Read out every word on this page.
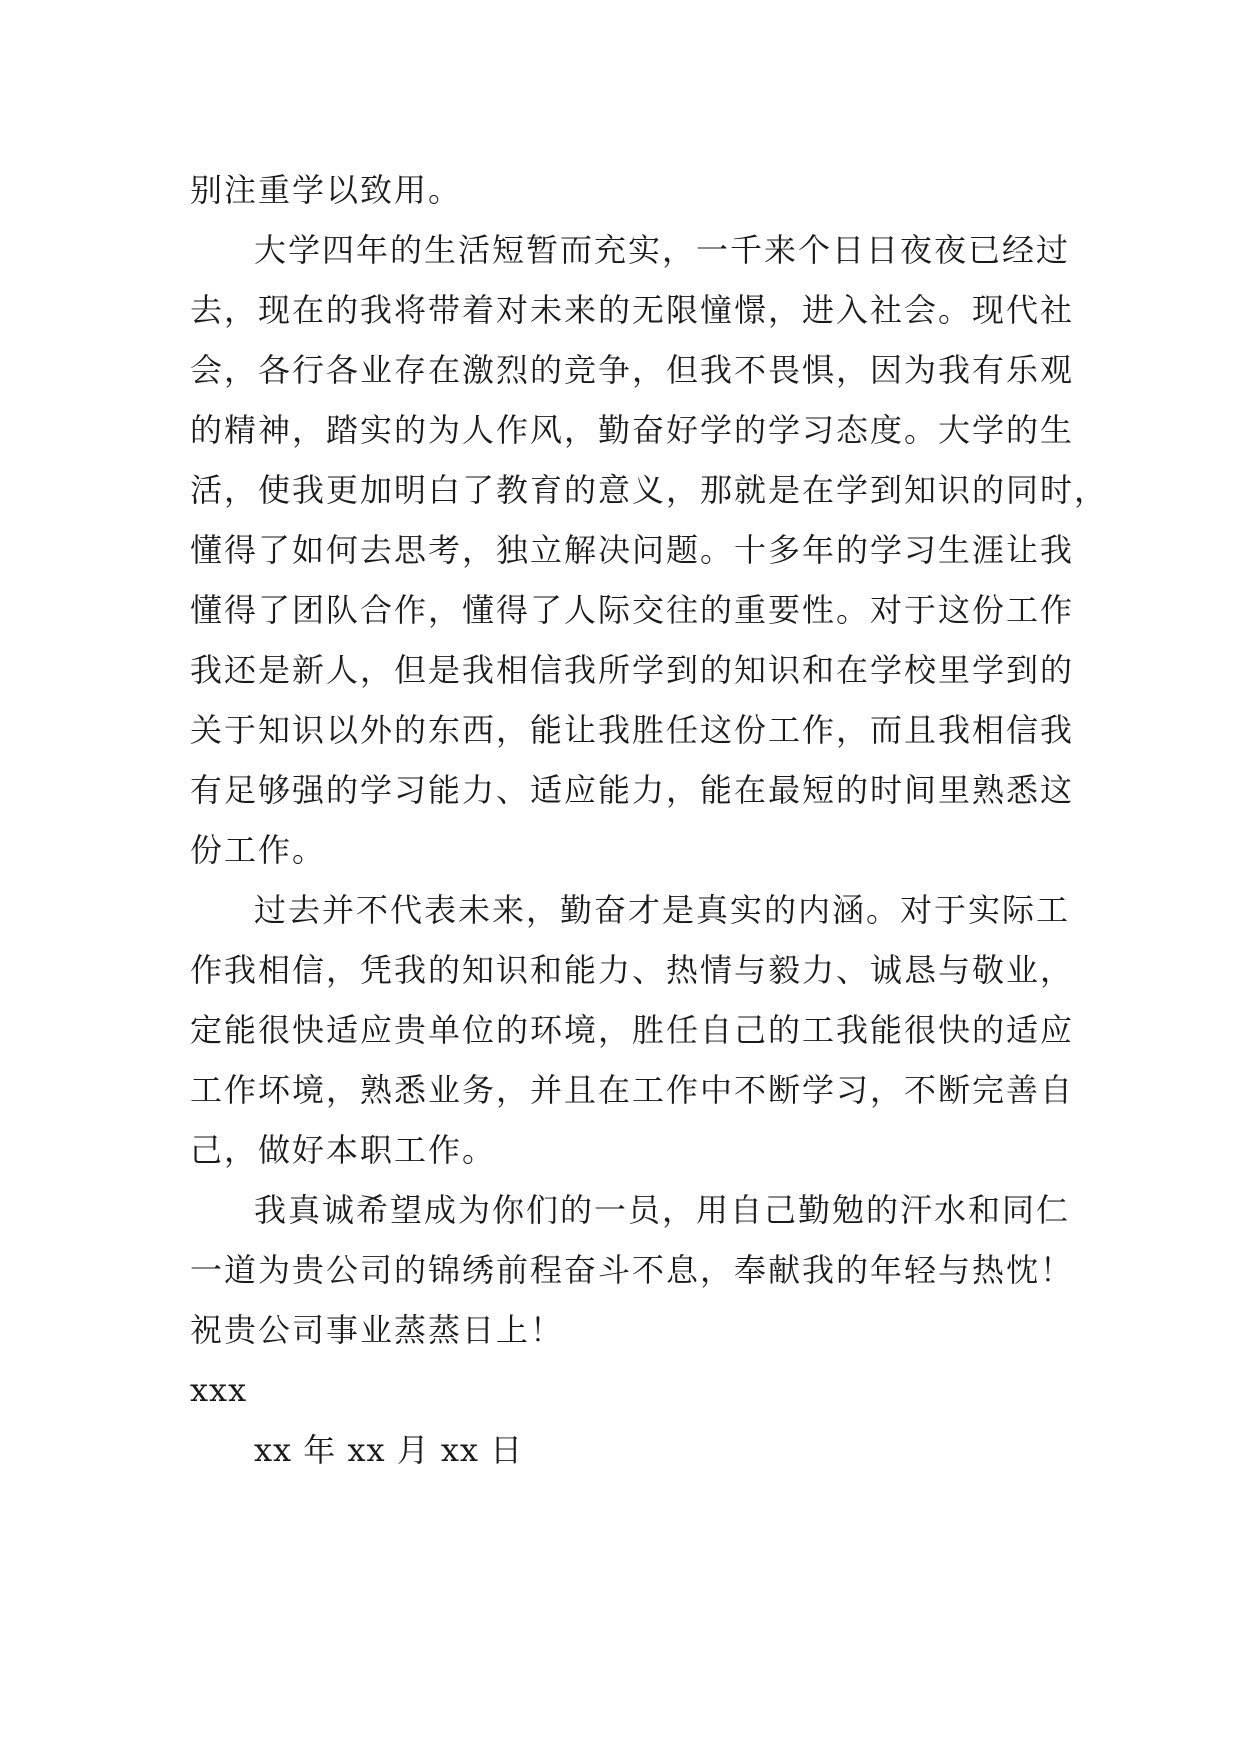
别注重学以致用。
大学四年的生活短暂而充实，一千来个日日夜夜已经过
去，现在的我将带着对未来的无限憧憬，进入社会。现代社
会，各行各业存在激烈的竞争，但我不畏惧，因为我有乐观
的精神，踏实的为人作风，勤奋好学的学习态度。大学的生
活，使我更加明白了教育的意义，那就是在学到知识的同时，
懂得了如何去思考，独立解决问题。十多年的学习生涯让我
懂得了团队合作，懂得了人际交往的重要性。对于这份工作
我还是新人，但是我相信我所学到的知识和在学校里学到的
关于知识以外的东西，能让我胜任这份工作，而且我相信我
有足够强的学习能力、适应能力，能在最短的时间里熟悉这
份工作。
过去并不代表未来，勤奋才是真实的内涵。对于实际工
作我相信，凭我的知识和能力、热情与毅力、诚恳与敬业，
定能很快适应贵单位的环境，胜任自己的工我能很快的适应
工作坏境，熟悉业务，并且在工作中不断学习，不断完善自
己，做好本职工作。
我真诚希望成为你们的一员，用自己勤勉的汗水和同仁
一道为贵公司的锦绣前程奋斗不息，奉献我的年轻与热忱！
祝贵公司事业蒸蒸日上！
xxx
xx 年 xx 月 xx 日
